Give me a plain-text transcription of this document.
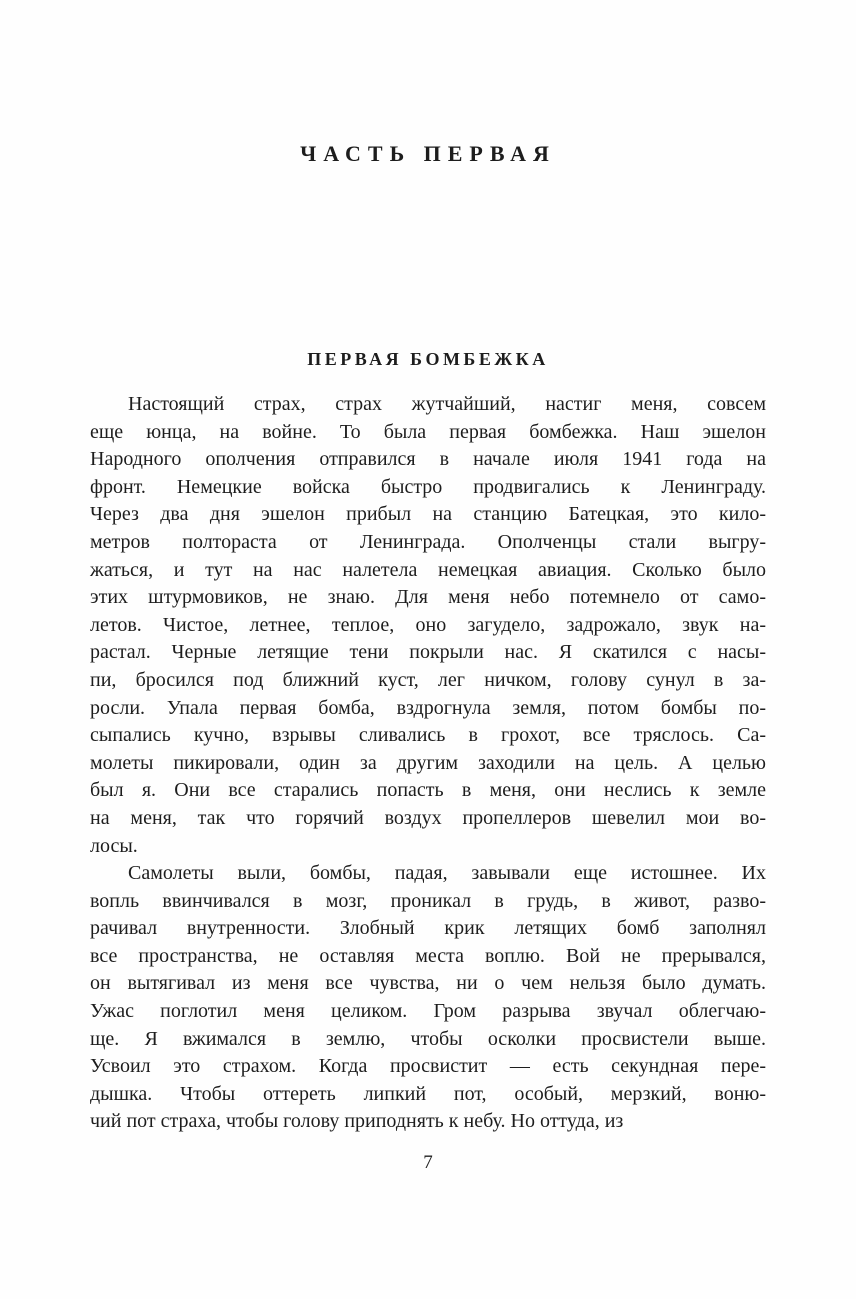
ЧАСТЬ ПЕРВАЯ
ПЕРВАЯ БОМБЕЖКА

Настоящий страх, страх жутчайший, настиг меня, совсем
еще юнца, на войне. То была первая бомбежка. Наш эшелон
Народного ополчения отправился в начале июля 1941 года на
фронт. Немецкие войска быстро продвигались к Ленинграду.
Через два дня эшелон прибыл на станцию Батецкая, это кило-
метров полтораста от Ленинграда. Ополченцы стали выгру-
жаться, и тут на нас налетела немецкая авиация. Сколько было
этих штурмовиков, не знаю. Для меня небо потемнело от само-
летов. Чистое, летнее, теплое, оно загудело, задрожало, звук на-
растал. Черные летящие тени покрыли нас. Я скатился с насы-
пи, бросился под ближний куст, лег ничком, голову сунул в за-
росли. Упала первая бомба, вздрогнула земля, потом бомбы по-
сыпались кучно, взрывы сливались в грохот, все тряслось. Са-
молеты пикировали, один за другим заходили на цель. А целью
был я. Они все старались попасть в меня, они неслись к земле
на меня, так что горячий воздух пропеллеров шевелил мои во-
лосы.

Самолеты выли, бомбы, падая, завывали еще истошнее. Их
вопль ввинчивался в мозг, проникал в грудь, в живот, разво-
рачивал внутренности. Злобный крик летящих бомб заполнял
все пространства, не оставляя места воплю. Вой не прерывался,
он вытягивал из меня все чувства, ни о чем нельзя было думать.
Ужас поглотил меня целиком. Гром разрыва звучал облегчаю-
ще. Я вжимался в землю, чтобы осколки просвистели выше.
Усвоил это страхом. Когда просвистит — есть секундная пере-
дышка. Чтобы оттереть липкий пот, особый, мерзкий, воню-
чий пот страха, чтобы голову приподнять к небу. Но оттуда, из

7
